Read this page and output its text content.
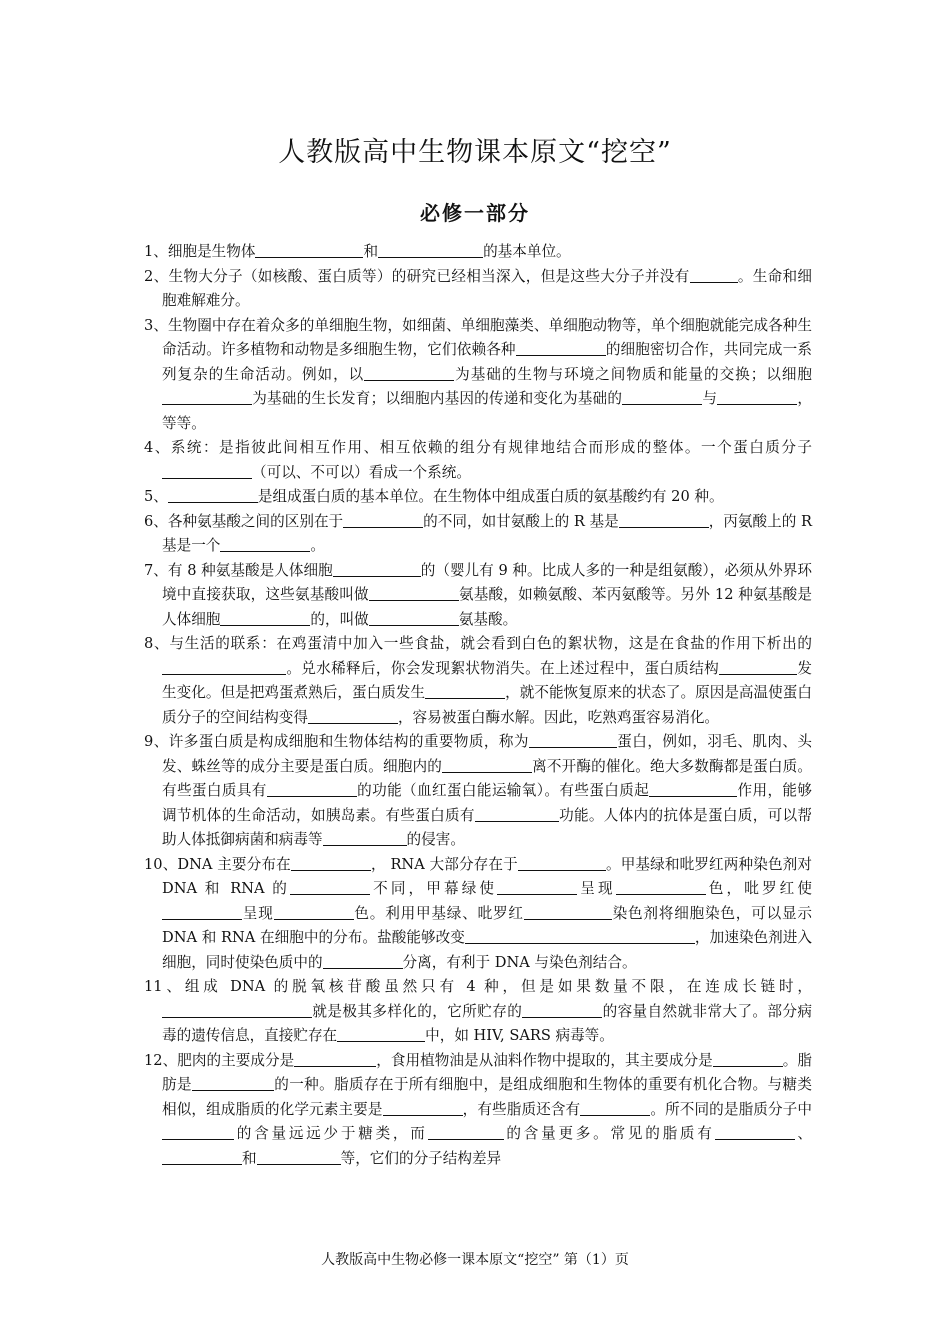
人教版高中生物课本原文“挖空”
必修一部分

1、细胞是生物体	和	的基本单位。

2、生物大分子（如核酸、蛋白质等）的研究已经相当深入，但是这些大分子并没有	。生命和细胞难解难分。

3、生物圈中存在着众多的单细胞生物，如细菌、单细胞藻类、单细胞动物等，单个细胞就能完成各种生命活动。许多植物和动物是多细胞生物，它们依赖各种	的细胞密切合作，共同完成一系列复杂的生命活动。例如，以	为基础的生物与环境之间物质和能量的交换；以细胞为基础的生长发育；以细胞内基因的传递和变化为基础的	与	，等等。

4、系统：是指彼此间相互作用、相互依赖的组分有规律地结合而形成的整体。一个蛋白质分子（可以、不可以）看成一个系统。

5、	是组成蛋白质的基本单位。在生物体中组成蛋白质的氨基酸约有 20 种。

6、各种氨基酸之间的区别在于	的不同，如甘氨酸上的 R 基是	，丙氨酸上的 R 基是一个	。

7、有 8 种氨基酸是人体细胞	的（婴儿有 9 种。比成人多的一种是组氨酸），必须从外界环境中直接获取，这些氨基酸叫做	氨基酸，如赖氨酸、苯丙氨酸等。另外 12 种氨基酸是人体细胞	的，叫做	氨基酸。

8、与生活的联系：在鸡蛋清中加入一些食盐，就会看到白色的絮状物，这是在食盐的作用下析出的。兑水稀释后，你会发现絮状物消失。在上述过程中，蛋白质结构	发生变化。但是把鸡蛋煮熟后，蛋白质发生	，就不能恢复原来的状态了。原因是高温使蛋白质分子的空间结构变得	，容易被蛋白酶水解。因此，吃熟鸡蛋容易消化。

9、许多蛋白质是构成细胞和生物体结构的重要物质，称为	蛋白，例如，羽毛、肌肉、头发、蛛丝等的成分主要是蛋白质。细胞内的	离不开酶的催化。绝大多数酶都是蛋白质。有些蛋白质具有	的功能（血红蛋白能运输氧）。有些蛋白质起	作用，能够调节机体的生命活动，如胰岛素。有些蛋白质有	功能。人体内的抗体是蛋白质，可以帮助人体抵御病菌和病毒等	的侵害。

10、DNA 主要分布在	， RNA 大部分存在于	。甲基绿和吡罗红两种染色剂对 DNA 和 RNA 的	不同，甲幕绿使	呈现	色，吡罗红使呈现	色。利用甲基绿、吡罗红	染色剂将细胞染色，可以显示 DNA 和 RNA 在细胞中的分布。盐酸能够改变	，加速染色剂进入细胞，同时使染色质中的	分离，有利于 DNA 与染色剂结合。

11、组成 DNA 的脱氧核苷酸虽然只有 4 种，但是如果数量不限，在连成长链时，就是极其多样化的，它所贮存的	的容量自然就非常大了。部分病毒的遗传信息，直接贮存在	中，如 HIV, SARS 病毒等。

12、肥肉的主要成分是	，食用植物油是从油料作物中提取的，其主要成分是	。脂肪是	的一种。脂质存在于所有细胞中，是组成细胞和生物体的重要有机化合物。与糖类相似，组成脂质的化学元素主要是	，有些脂质还含有	。所不同的是脂质分子中的含量远远少于糖类，而	的含量更多。常见的脂质有	、和	等，它们的分子结构差异

人教版高中生物必修一课本原文“挖空” 第（1）页
